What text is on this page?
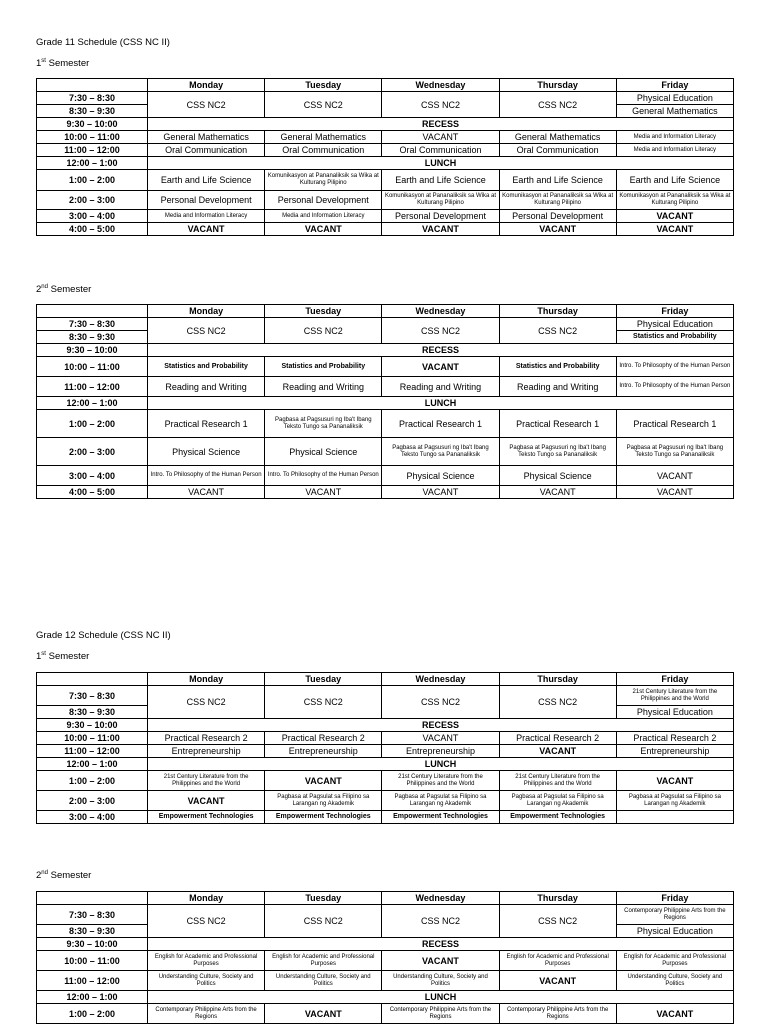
Grade 11 Schedule (CSS NC II)
1st Semester
	Monday	Tuesday	Wednesday	Thursday	Friday
7:30 – 8:30	CSS NC2	CSS NC2	CSS NC2	CSS NC2	Physical Education
8:30 – 9:30					General Mathematics
9:30 – 10:00	RECESS				
10:00 – 11:00	General Mathematics	General Mathematics	VACANT	General Mathematics	Media and Information Literacy
11:00 – 12:00	Oral Communication	Oral Communication	Oral Communication	Oral Communication	Media and Information Literacy
12:00 – 1:00	LUNCH				
1:00 – 2:00	Earth and Life Science	Komunikasyon at Pananaliksik sa Wika at Kulturang Pilipino	Earth and Life Science	Earth and Life Science	Earth and Life Science
2:00 – 3:00	Personal Development	Personal Development	Komunikasyon at Pananaliksik sa Wika at Kulturang Pilipino	Komunikasyon at Pananaliksik sa Wika at Kulturang Pilipino	Komunikasyon at Pananaliksik sa Wika at Kulturang Pilipino
3:00 – 4:00	Media and Information Literacy	Media and Information Literacy	Personal Development	Personal Development	VACANT
4:00 – 5:00	VACANT	VACANT	VACANT	VACANT	VACANT
2nd Semester
	Monday	Tuesday	Wednesday	Thursday	Friday
7:30 – 8:30	CSS NC2	CSS NC2	CSS NC2	CSS NC2	Physical Education
8:30 – 9:30					Statistics and Probability
9:30 – 10:00	RECESS				
10:00 – 11:00	Statistics and Probability	Statistics and Probability	VACANT	Statistics and Probability	Intro. To Philosophy of the Human Person
11:00 – 12:00	Reading and Writing	Reading and Writing	Reading and Writing	Reading and Writing	Intro. To Philosophy of the Human Person
12:00 – 1:00	LUNCH				
1:00 – 2:00	Practical Research 1	Pagbasa at Pagsusuri ng Iba't Ibang Teksto Tungo sa Pananaliksik	Practical Research 1	Practical Research 1	Practical Research 1
2:00 – 3:00	Physical Science	Physical Science	Pagbasa at Pagsusuri ng Iba't Ibang Teksto Tungo sa Pananaliksik	Pagbasa at Pagsusuri ng Iba't Ibang Teksto Tungo sa Pananaliksik	Pagbasa at Pagsusuri ng Iba't Ibang Teksto Tungo sa Pananaliksik
3:00 – 4:00	Intro. To Philosophy of the Human Person	Intro. To Philosophy of the Human Person	Physical Science	Physical Science	VACANT
4:00 – 5:00	VACANT	VACANT	VACANT	VACANT	VACANT
Grade 12 Schedule (CSS NC II)
1st Semester
	Monday	Tuesday	Wednesday	Thursday	Friday
7:30 – 8:30	CSS NC2	CSS NC2	CSS NC2	CSS NC2	21st Century Literature from the Philippines and the World
8:30 – 9:30					Physical Education
9:30 – 10:00	RECESS				
10:00 – 11:00	Practical Research 2	Practical Research 2	VACANT	Practical Research 2	Practical Research 2
11:00 – 12:00	Entrepreneurship	Entrepreneurship	Entrepreneurship	VACANT	Entrepreneurship
12:00 – 1:00	LUNCH				
1:00 – 2:00	21st Century Literature from the Philippines and the World	VACANT	21st Century Literature from the Philippines and the World	21st Century Literature from the Philippines and the World	VACANT
2:00 – 3:00	VACANT	Pagbasa at Pagsulat sa Filipino sa Larangan ng Akademik	Pagbasa at Pagsulat sa Filipino sa Larangan ng Akademik	Pagbasa at Pagsulat sa Filipino sa Larangan ng Akademik	Pagbasa at Pagsulat sa Filipino sa Larangan ng Akademik
3:00 – 4:00	Empowerment Technologies	Empowerment Technologies	Empowerment Technologies	Empowerment Technologies	
2nd Semester
	Monday	Tuesday	Wednesday	Thursday	Friday
7:30 – 8:30	CSS NC2	CSS NC2	CSS NC2	CSS NC2	Contemporary Philippine Arts from the Regions
8:30 – 9:30					Physical Education
9:30 – 10:00	RECESS				
10:00 – 11:00	English for Academic and Professional Purposes	English for Academic and Professional Purposes	VACANT	English for Academic and Professional Purposes	English for Academic and Professional Purposes
11:00 – 12:00	Understanding Culture, Society and Politics	Understanding Culture, Society and Politics	Understanding Culture, Society and Politics	VACANT	Understanding Culture, Society and Politics
12:00 – 1:00	LUNCH				
1:00 – 2:00	Contemporary Philippine Arts from the Regions	VACANT	Contemporary Philippine Arts from the Regions	Contemporary Philippine Arts from the Regions	VACANT
